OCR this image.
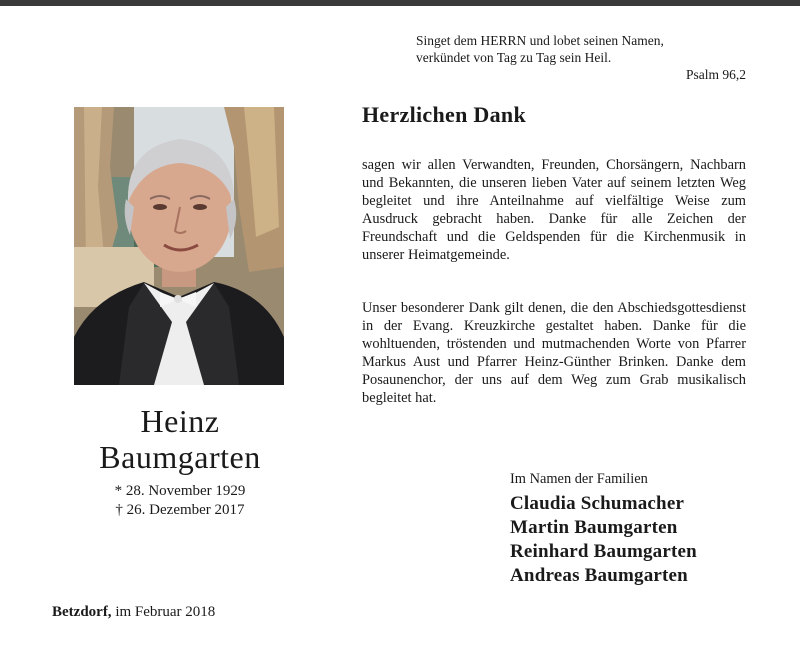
Singet dem HERRN und lobet seinen Namen,
verkündet von Tag zu Tag sein Heil.
Psalm 96,2
Heinz
Baumgarten
* 28. November 1929
† 26. Dezember 2017
Herzlichen Dank
sagen wir allen Verwandten, Freunden, Chorsängern, Nachbarn und Bekannten, die unseren lieben Vater auf seinem letzten Weg begleitet und ihre Anteilnahme auf vielfältige Weise zum Ausdruck gebracht haben. Danke für alle Zeichen der Freundschaft und die Geldspenden für die Kirchenmusik in unserer Heimatgemeinde.
Unser besonderer Dank gilt denen, die den Abschiedsgottesdienst in der Evang. Kreuzkirche gestaltet haben. Danke für die wohltuenden, tröstenden und mutmachenden Worte von Pfarrer Markus Aust und Pfarrer Heinz-Günther Brinken. Danke dem Posaunenchor, der uns auf dem Weg zum Grab musikalisch begleitet hat.
Im Namen der Familien
Claudia Schumacher
Martin Baumgarten
Reinhard Baumgarten
Andreas Baumgarten
Betzdorf, im Februar 2018
